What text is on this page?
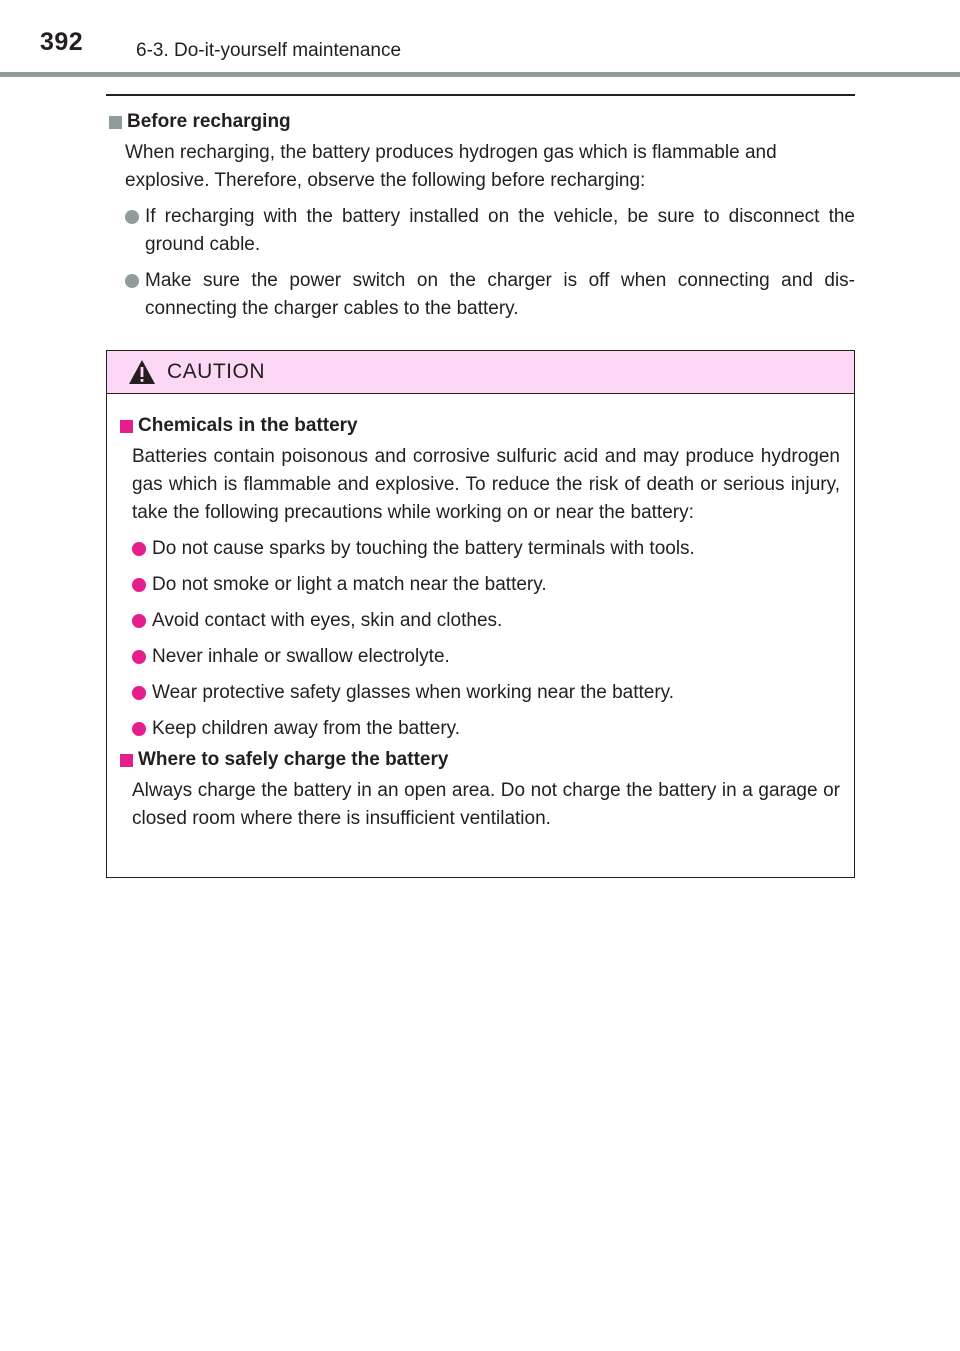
392	6-3. Do-it-yourself maintenance
Before recharging
When recharging, the battery produces hydrogen gas which is flammable and explosive. Therefore, observe the following before recharging:
If recharging with the battery installed on the vehicle, be sure to disconnect the ground cable.
Make sure the power switch on the charger is off when connecting and dis-connecting the charger cables to the battery.
CAUTION
Chemicals in the battery
Batteries contain poisonous and corrosive sulfuric acid and may produce hydrogen gas which is flammable and explosive. To reduce the risk of death or serious injury, take the following precautions while working on or near the battery:
Do not cause sparks by touching the battery terminals with tools.
Do not smoke or light a match near the battery.
Avoid contact with eyes, skin and clothes.
Never inhale or swallow electrolyte.
Wear protective safety glasses when working near the battery.
Keep children away from the battery.
Where to safely charge the battery
Always charge the battery in an open area. Do not charge the battery in a garage or closed room where there is insufficient ventilation.
